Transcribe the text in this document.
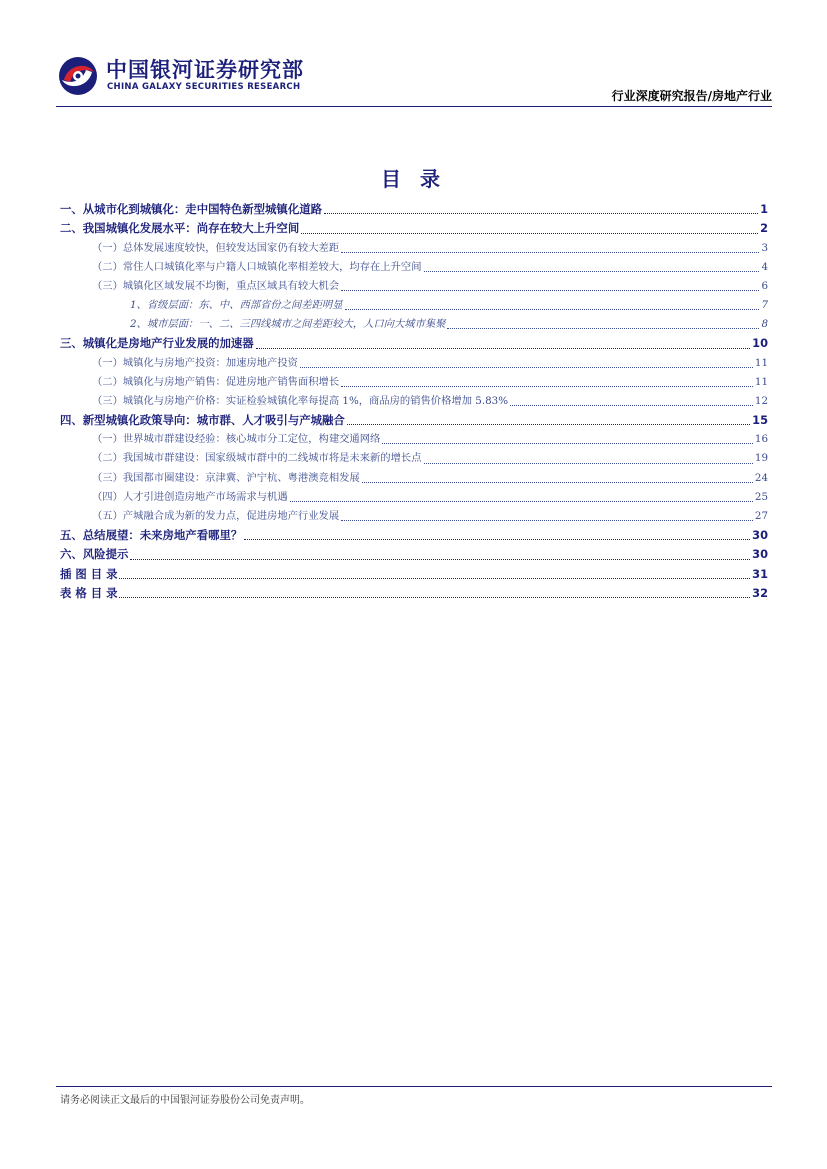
中国银河证券研究部
CHINA GALAXY SECURITIES RESEARCH
行业深度研究报告/房地产行业
目 录
一、从城市化到城镇化：走中国特色新型城镇化道路	1
二、我国城镇化发展水平：尚存在较大上升空间	2
（一）总体发展速度较快，但较发达国家仍有较大差距	3
（二）常住人口城镇化率与户籍人口城镇化率相差较大，均存在上升空间	4
（三）城镇化区域发展不均衡，重点区域具有较大机会	6
1、省级层面：东、中、西部省份之间差距明显	7
2、城市层面：一、二、三四线城市之间差距较大，人口向大城市集聚	8
三、城镇化是房地产行业发展的加速器	10
（一）城镇化与房地产投资：加速房地产投资	11
（二）城镇化与房地产销售：促进房地产销售面积增长	11
（三）城镇化与房地产价格：实证检验城镇化率每提高 1%，商品房的销售价格增加 5.83%	12
四、新型城镇化政策导向：城市群、人才吸引与产城融合	15
（一）世界城市群建设经验：核心城市分工定位，构建交通网络	16
（二）我国城市群建设：国家级城市群中的二线城市将是未来新的增长点	19
（三）我国都市圈建设：京津冀、沪宁杭、粤港澳竞相发展	24
（四）人才引进创造房地产市场需求与机遇	25
（五）产城融合成为新的发力点，促进房地产行业发展	27
五、总结展望：未来房地产看哪里？	30
六、风险提示	30
插 图 目 录	31
表 格 目 录	32
请务必阅读正文最后的中国银河证券股份公司免责声明。
